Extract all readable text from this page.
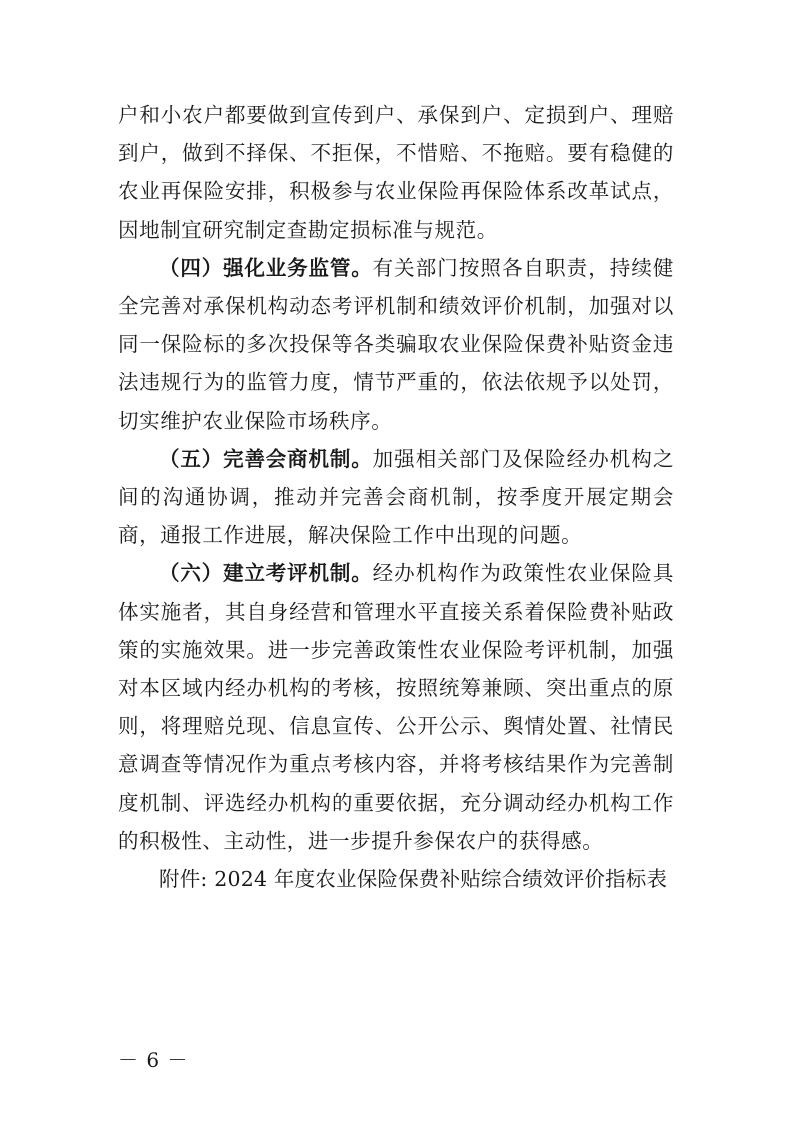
户和小农户都要做到宣传到户、承保到户、定损到户、理赔到户，做到不择保、不拒保，不惜赔、不拖赔。要有稳健的农业再保险安排，积极参与农业保险再保险体系改革试点，因地制宜研究制定查勘定损标准与规范。

（四）强化业务监管。有关部门按照各自职责，持续健全完善对承保机构动态考评机制和绩效评价机制，加强对以同一保险标的多次投保等各类骗取农业保险保费补贴资金违法违规行为的监管力度，情节严重的，依法依规予以处罚，切实维护农业保险市场秩序。

（五）完善会商机制。加强相关部门及保险经办机构之间的沟通协调，推动并完善会商机制，按季度开展定期会商，通报工作进展，解决保险工作中出现的问题。

（六）建立考评机制。经办机构作为政策性农业保险具体实施者，其自身经营和管理水平直接关系着保险费补贴政策的实施效果。进一步完善政策性农业保险考评机制，加强对本区域内经办机构的考核，按照统筹兼顾、突出重点的原则，将理赔兑现、信息宣传、公开公示、舆情处置、社情民意调查等情况作为重点考核内容，并将考核结果作为完善制度机制、评选经办机构的重要依据，充分调动经办机构工作的积极性、主动性，进一步提升参保农户的获得感。

附件: 2024 年度农业保险保费补贴综合绩效评价指标表

－ 6 －
